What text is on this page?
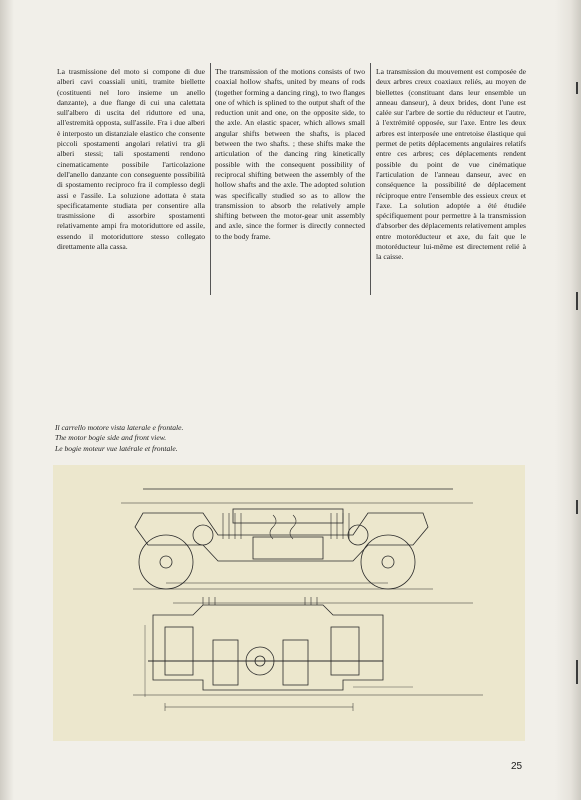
La trasmissione del moto si compone di due alberi cavi coassiali uniti, tramite biellette (costituenti nel loro insieme un anello danzante), a due flange di cui una calettata sull'albero di uscita del riduttore ed una, all'estremità opposta, sull'assile. Fra i due alberi è interposto un distanziale elastico che consente piccoli spostamenti angolari relativi tra gli alberi stessi; tali spostamenti rendono cinematicamente possibile l'articolazione dell'anello danzante con conseguente possibilità di spostamento reciproco fra il complesso degli assi e l'assile. La soluzione adottata è stata specificatamente studiata per consentire alla trasmissione di assorbire spostamenti relativamente ampi fra motoriduttore ed assile, essendo il motoriduttore stesso collegato direttamente alla cassa.
The transmission of the motions consists of two coaxial hollow shafts, united by means of rods (together forming a dancing ring), to two flanges one of which is splined to the output shaft of the reduction unit and one, on the opposite side, to the axle. An elastic spacer, which allows small angular shifts between the shafts, is placed between the two shafts. ; these shifts make the articulation of the dancing ring kinetically possible with the consequent possibility of reciprocal shifting between the assembly of the hollow shafts and the axle. The adopted solution was specifically studied so as to allow the transmission to absorb the relatively ample shifting between the motor-gear unit assembly and axle, since the former is directly connected to the body frame.
La transmission du mouvement est composée de deux arbres creux coaxiaux reliés, au moyen de biellettes (constituant dans leur ensemble un anneau danseur), à deux brides, dont l'une est calée sur l'arbre de sortie du réducteur et l'autre, à l'extrémité opposée, sur l'axe. Entre les deux arbres est interposée une entretoise élastique qui permet de petits déplacements angulaires relatifs entre ces arbres; ces déplacements rendent possible du point de vue cinématique l'articulation de l'anneau danseur, avec en conséquence la possibilité de déplacement réciproque entre l'ensemble des essieux creux et l'axe. La solution adoptée a été étudiée spécifiquement pour permettre à la transmission d'absorber des déplacements relativement amples entre motoréducteur et axe, du fait que le motoréducteur lui-même est directement relié à la caisse.
Il carrello motore vista laterale e frontale.
The motor bogie side and front view.
Le bogie moteur vue latérale et frontale.
25
